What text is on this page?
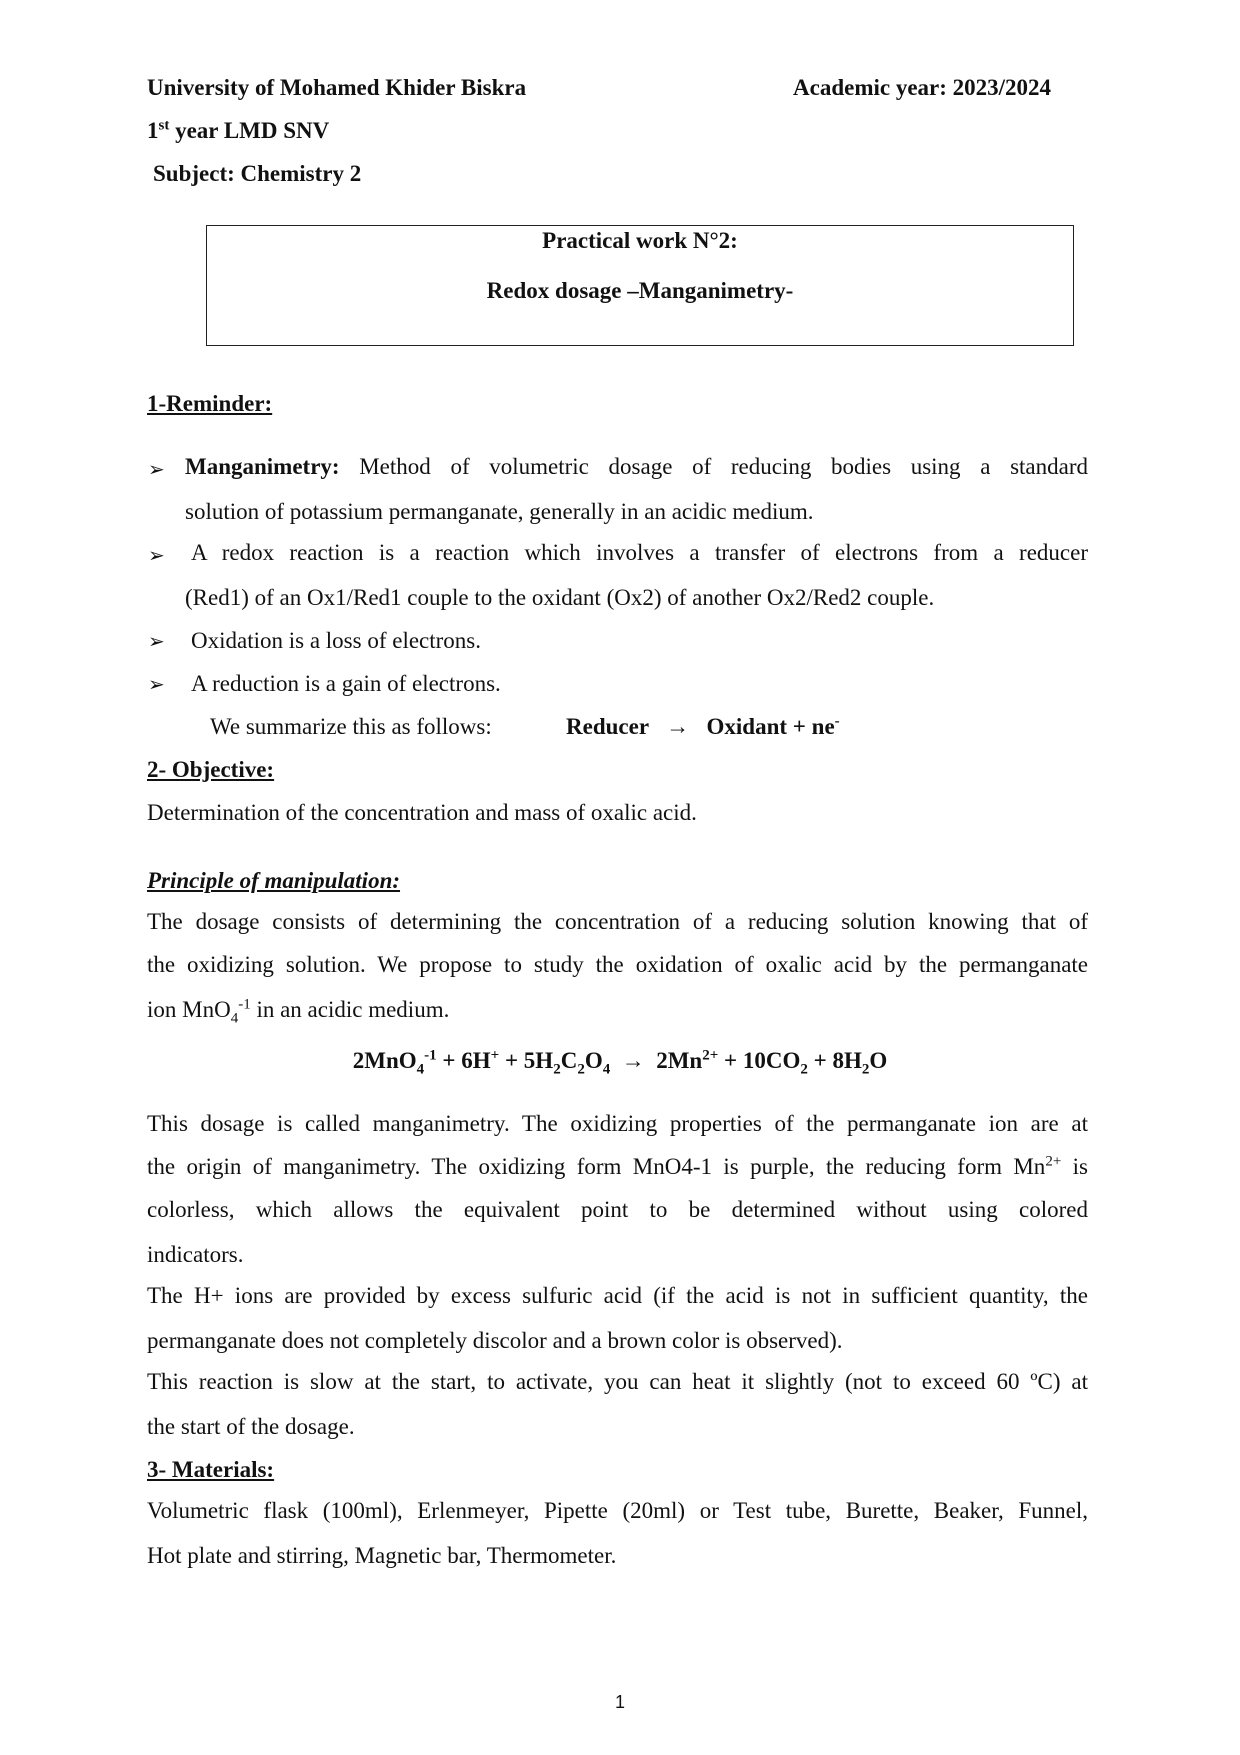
University of Mohamed Khider Biskra	Academic year: 2023/2024
1st year LMD SNV
Subject: Chemistry 2
Practical work N°2:
Redox dosage –Manganimetry-
1-Reminder:
➢ Manganimetry: Method of volumetric dosage of reducing bodies using a standard
solution of potassium permanganate, generally in an acidic medium.
➢ A redox reaction is a reaction which involves a transfer of electrons from a reducer
(Red1) of an Ox1/Red1 couple to the oxidant (Ox2) of another Ox2/Red2 couple.
➢ Oxidation is a loss of electrons.
➢ A reduction is a gain of electrons.
We summarize this as follows:	Reducer → Oxidant + ne-
2- Objective:
Determination of the concentration and mass of oxalic acid.
Principle of manipulation:
The dosage consists of determining the concentration of a reducing solution knowing that of
the oxidizing solution. We propose to study the oxidation of oxalic acid by the permanganate
ion MnO$_4^{-1}$ in an acidic medium.
$2MnO_4^{-1} + 6H^+ + 5H_2C_2O_4 \to 2Mn^{2+} + 10CO_2 + 8H_2O$
This dosage is called manganimetry. The oxidizing properties of the permanganate ion are at
the origin of manganimetry. The oxidizing form MnO4-1 is purple, the reducing form $Mn^{2+}$ is
colorless, which allows the equivalent point to be determined without using colored
indicators.
The H+ ions are provided by excess sulfuric acid (if the acid is not in sufficient quantity, the
permanganate does not completely discolor and a brown color is observed).
This reaction is slow at the start, to activate, you can heat it slightly (not to exceed 60 ºC) at
the start of the dosage.
3- Materials:
Volumetric flask (100ml), Erlenmeyer, Pipette (20ml) or Test tube, Burette, Beaker, Funnel,
Hot plate and stirring, Magnetic bar, Thermometer.
1
